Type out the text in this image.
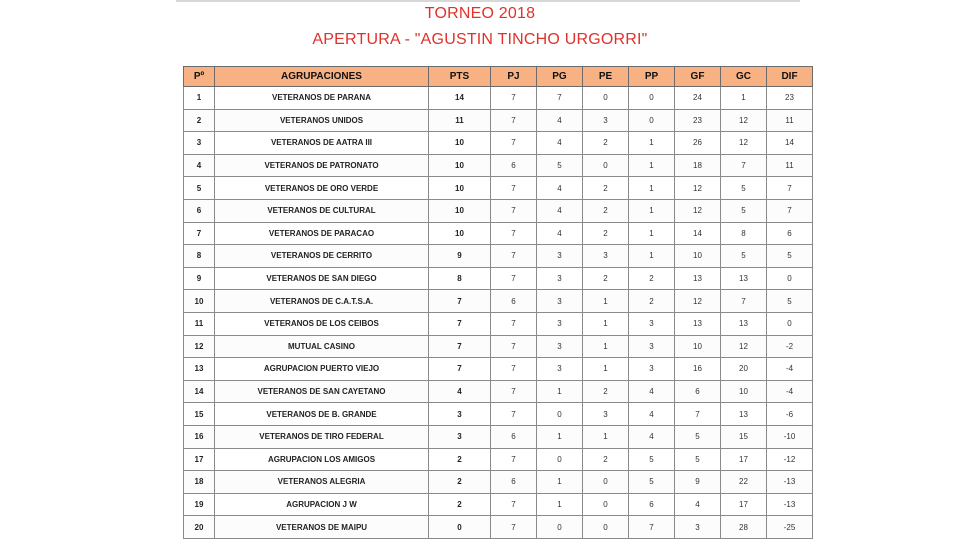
TORNEO 2018
APERTURA - "AGUSTIN TINCHO URGORRI"
Pº	AGRUPACIONES	PTS	PJ	PG	PE	PP	GF	GC	DIF
1	VETERANOS DE PARANA	14	7	7	0	0	24	1	23
2	VETERANOS UNIDOS	11	7	4	3	0	23	12	11
3	VETERANOS DE AATRA III	10	7	4	2	1	26	12	14
4	VETERANOS DE PATRONATO	10	6	5	0	1	18	7	11
5	VETERANOS DE ORO VERDE	10	7	4	2	1	12	5	7
6	VETERANOS DE CULTURAL	10	7	4	2	1	12	5	7
7	VETERANOS DE PARACAO	10	7	4	2	1	14	8	6
8	VETERANOS DE CERRITO	9	7	3	3	1	10	5	5
9	VETERANOS DE SAN DIEGO	8	7	3	2	2	13	13	0
10	VETERANOS DE C.A.T.S.A.	7	6	3	1	2	12	7	5
11	VETERANOS DE LOS CEIBOS	7	7	3	1	3	13	13	0
12	MUTUAL CASINO	7	7	3	1	3	10	12	-2
13	AGRUPACION PUERTO VIEJO	7	7	3	1	3	16	20	-4
14	VETERANOS DE SAN CAYETANO	4	7	1	2	4	6	10	-4
15	VETERANOS DE B. GRANDE	3	7	0	3	4	7	13	-6
16	VETERANOS DE TIRO FEDERAL	3	6	1	1	4	5	15	-10
17	AGRUPACION LOS AMIGOS	2	7	0	2	5	5	17	-12
18	VETERANOS ALEGRIA	2	6	1	0	5	9	22	-13
19	AGRUPACION J W	2	7	1	0	6	4	17	-13
20	VETERANOS DE MAIPU	0	7	0	0	7	3	28	-25
